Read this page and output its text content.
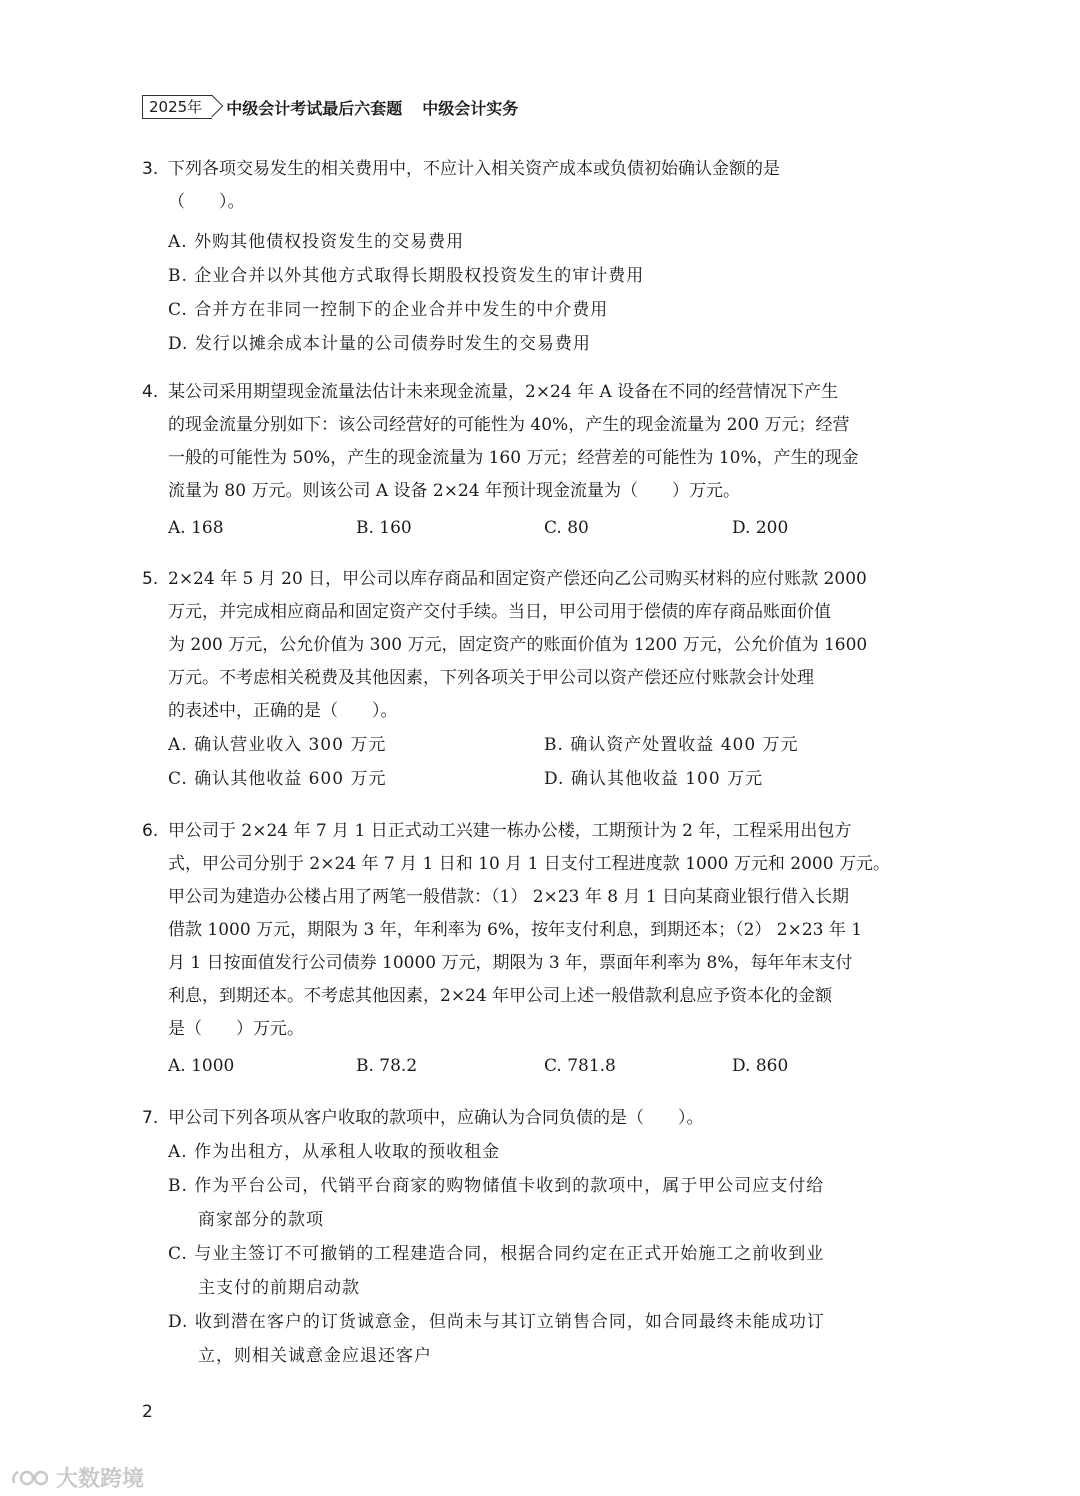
2025年	中级会计考试最后六套题 中级会计实务
3. 下列各项交易发生的相关费用中，不应计入相关资产成本或负债初始确认金额的是
（　　）。
A. 外购其他债权投资发生的交易费用
B. 企业合并以外其他方式取得长期股权投资发生的审计费用
C. 合并方在非同一控制下的企业合并中发生的中介费用
D. 发行以摊余成本计量的公司债券时发生的交易费用
4. 某公司采用期望现金流量法估计未来现金流量，2×24 年 A 设备在不同的经营情况下产生
的现金流量分别如下：该公司经营好的可能性为 40%，产生的现金流量为 200 万元；经营
一般的可能性为 50%，产生的现金流量为 160 万元；经营差的可能性为 10%，产生的现金
流量为 80 万元。则该公司 A 设备 2×24 年预计现金流量为（　　）万元。
A. 168	B. 160	C. 80	D. 200
5. 2×24 年 5 月 20 日，甲公司以库存商品和固定资产偿还向乙公司购买材料的应付账款 2000
万元，并完成相应商品和固定资产交付手续。当日，甲公司用于偿债的库存商品账面价值
为 200 万元，公允价值为 300 万元，固定资产的账面价值为 1200 万元，公允价值为 1600
万元。不考虑相关税费及其他因素，下列各项关于甲公司以资产偿还应付账款会计处理
的表述中，正确的是（　　）。
A. 确认营业收入 300 万元	B. 确认资产处置收益 400 万元
C. 确认其他收益 600 万元	D. 确认其他收益 100 万元
6. 甲公司于 2×24 年 7 月 1 日正式动工兴建一栋办公楼，工期预计为 2 年，工程采用出包方
式，甲公司分别于 2×24 年 7 月 1 日和 10 月 1 日支付工程进度款 1000 万元和 2000 万元。
甲公司为建造办公楼占用了两笔一般借款：（1） 2×23 年 8 月 1 日向某商业银行借入长期
借款 1000 万元，期限为 3 年，年利率为 6%，按年支付利息，到期还本；（2） 2×23 年 1
月 1 日按面值发行公司债券 10000 万元，期限为 3 年，票面年利率为 8%，每年年末支付
利息，到期还本。不考虑其他因素，2×24 年甲公司上述一般借款利息应予资本化的金额
是（　　）万元。
A. 1000	B. 78.2	C. 781.8	D. 860
7. 甲公司下列各项从客户收取的款项中，应确认为合同负债的是（　　）。
A. 作为出租方，从承租人收取的预收租金
B. 作为平台公司，代销平台商家的购物储值卡收到的款项中，属于甲公司应支付给
商家部分的款项
C. 与业主签订不可撤销的工程建造合同，根据合同约定在正式开始施工之前收到业
主支付的前期启动款
D. 收到潜在客户的订货诚意金，但尚未与其订立销售合同，如合同最终未能成功订
立，则相关诚意金应退还客户
2
大数跨境
